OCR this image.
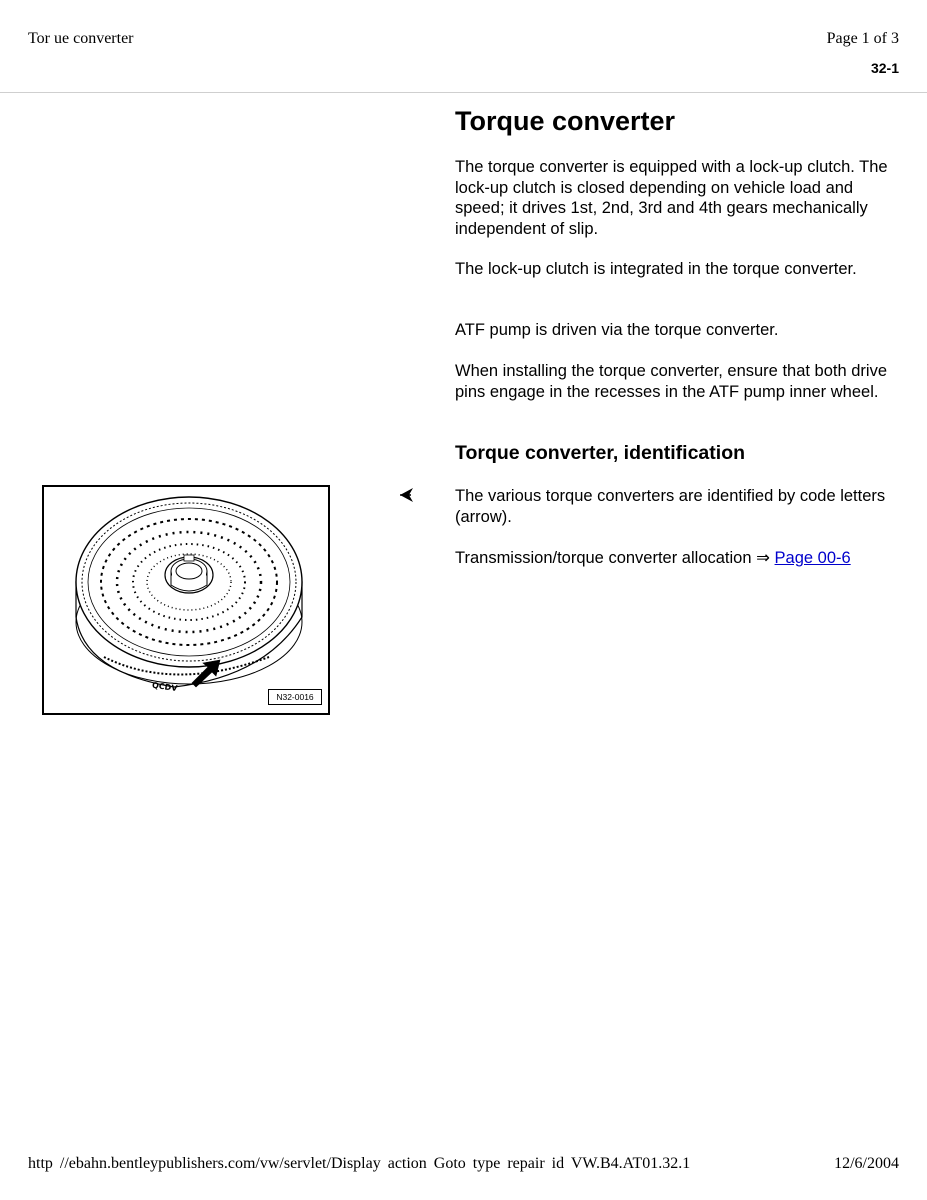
Tor ue converter	Page 1 of 3
32-1
Torque converter

The torque converter is equipped with a lock-up clutch. The lock-up clutch is closed depending on vehicle load and speed; it drives 1st, 2nd, 3rd and 4th gears mechanically independent of slip.

The lock-up clutch is integrated in the torque converter.

ATF pump is driven via the torque converter.

When installing the torque converter, ensure that both drive pins engage in the recesses in the ATF pump inner wheel.

Torque converter, identification

The various torque converters are identified by code letters (arrow).

Transmission/torque converter allocation ⇒ Page 00-6

QCDV
N32-0016
http //ebahn.bentleypublishers.com/vw/servlet/Display action Goto type repair id VW.B4.AT01.32.1	12/6/2004
